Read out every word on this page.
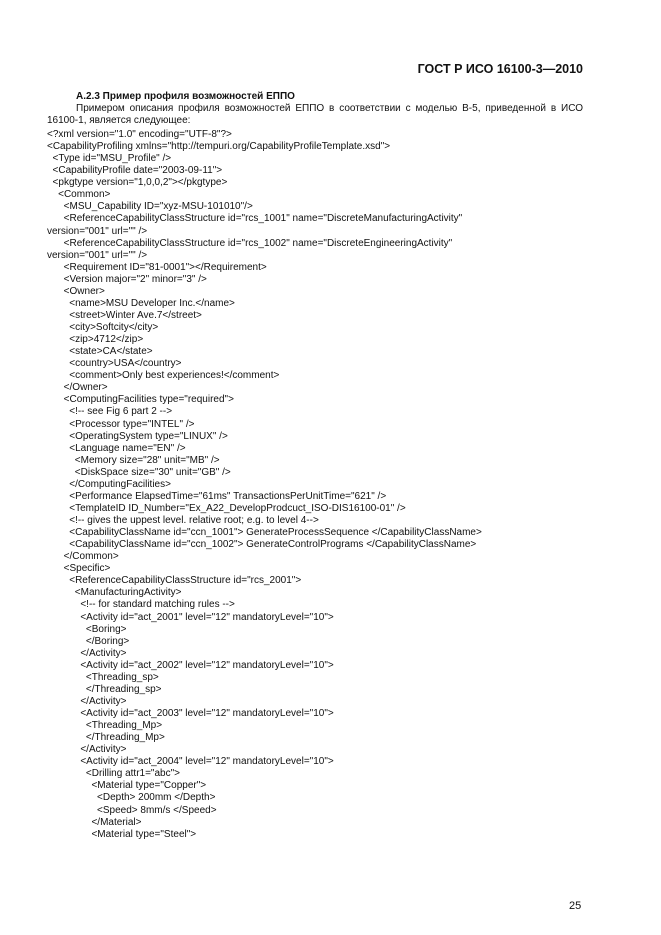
ГОСТ Р ИСО 16100-3—2010
А.2.3 Пример профиля возможностей ЕППО
Примером описания профиля возможностей ЕППО в соответствии с моделью В-5, приведенной в ИСО 16100-1, является следующее:
<?xml version="1.0" encoding="UTF-8"?>
<CapabilityProfiling xmlns="http://tempuri.org/CapabilityProfileTemplate.xsd">
<Type id="MSU_Profile" />
<CapabilityProfile date="2003-09-11">
<pkgtype version="1,0,0,2"></pkgtype>
<Common>
<MSU_Capability ID="xyz-MSU-101010"/>
<ReferenceCapabilityClassStructure id="rcs_1001" name="DiscreteManufacturingActivity"
version="001" url="" />
<ReferenceCapabilityClassStructure id="rcs_1002" name="DiscreteEngineeringActivity"
version="001" url="" />
<Requirement ID="81-0001"></Requirement>
<Version major="2" minor="3" />
<Owner>
<name>MSU Developer Inc.</name>
<street>Winter Ave.7</street>
<city>Softcity</city>
<zip>4712</zip>
<state>CA</state>
<country>USA</country>
<comment>Only best experiences!</comment>
</Owner>
<ComputingFacilities type="required">
<!-- see Fig 6 part 2 -->
<Processor type="INTEL" />
<OperatingSystem type="LINUX" />
<Language name="EN" />
<Memory size="28" unit="MB" />
<DiskSpace size="30" unit="GB" />
</ComputingFacilities>
<Performance ElapsedTime="61ms" TransactionsPerUnitTime="621" />
<TemplateID ID_Number="Ex_A22_DevelopProdcuct_ISO-DIS16100-01" />
<!-- gives the uppest level. relative root; e.g. to level 4-->
<CapabilityClassName id="ccn_1001"> GenerateProcessSequence </CapabilityClassName>
<CapabilityClassName id="ccn_1002"> GenerateControlPrograms </CapabilityClassName>
</Common>
<Specific>
<ReferenceCapabilityClassStructure id="rcs_2001">
<ManufacturingActivity>
<!-- for standard matching rules -->
<Activity id="act_2001" level="12" mandatoryLevel="10">
<Boring>
</Boring>
</Activity>
<Activity id="act_2002" level="12" mandatoryLevel="10">
<Threading_sp>
</Threading_sp>
</Activity>
<Activity id="act_2003" level="12" mandatoryLevel="10">
<Threading_Mp>
</Threading_Mp>
</Activity>
<Activity id="act_2004" level="12" mandatoryLevel="10">
<Drilling attr1="abc">
<Material type="Copper">
<Depth> 200mm </Depth>
<Speed> 8mm/s </Speed>
</Material>
<Material type="Steel">
25
